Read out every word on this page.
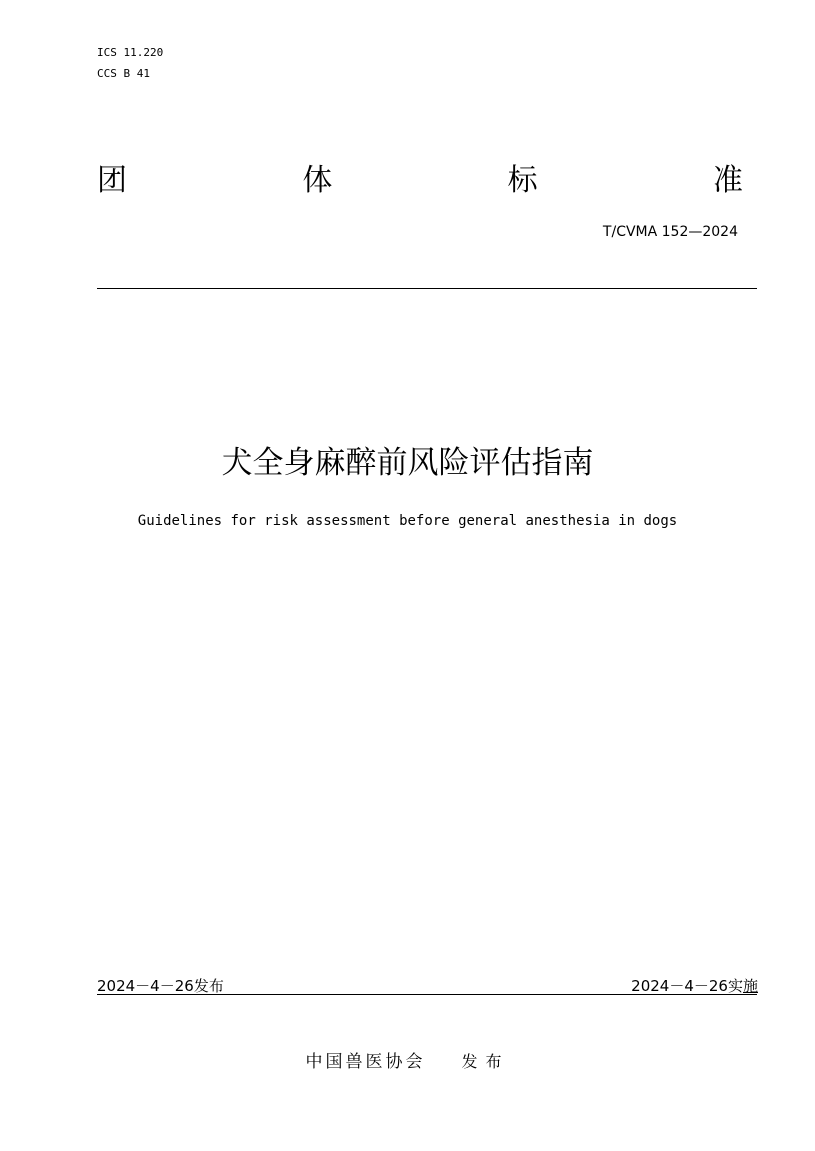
ICS 11.220
CCS B 41
团	体	标	准
T/CVMA 152—2024
犬全身麻醉前风险评估指南
Guidelines for risk assessment before general anesthesia in dogs
2024－4－26发布	2024－4－26实施
中国兽医协会 发布
